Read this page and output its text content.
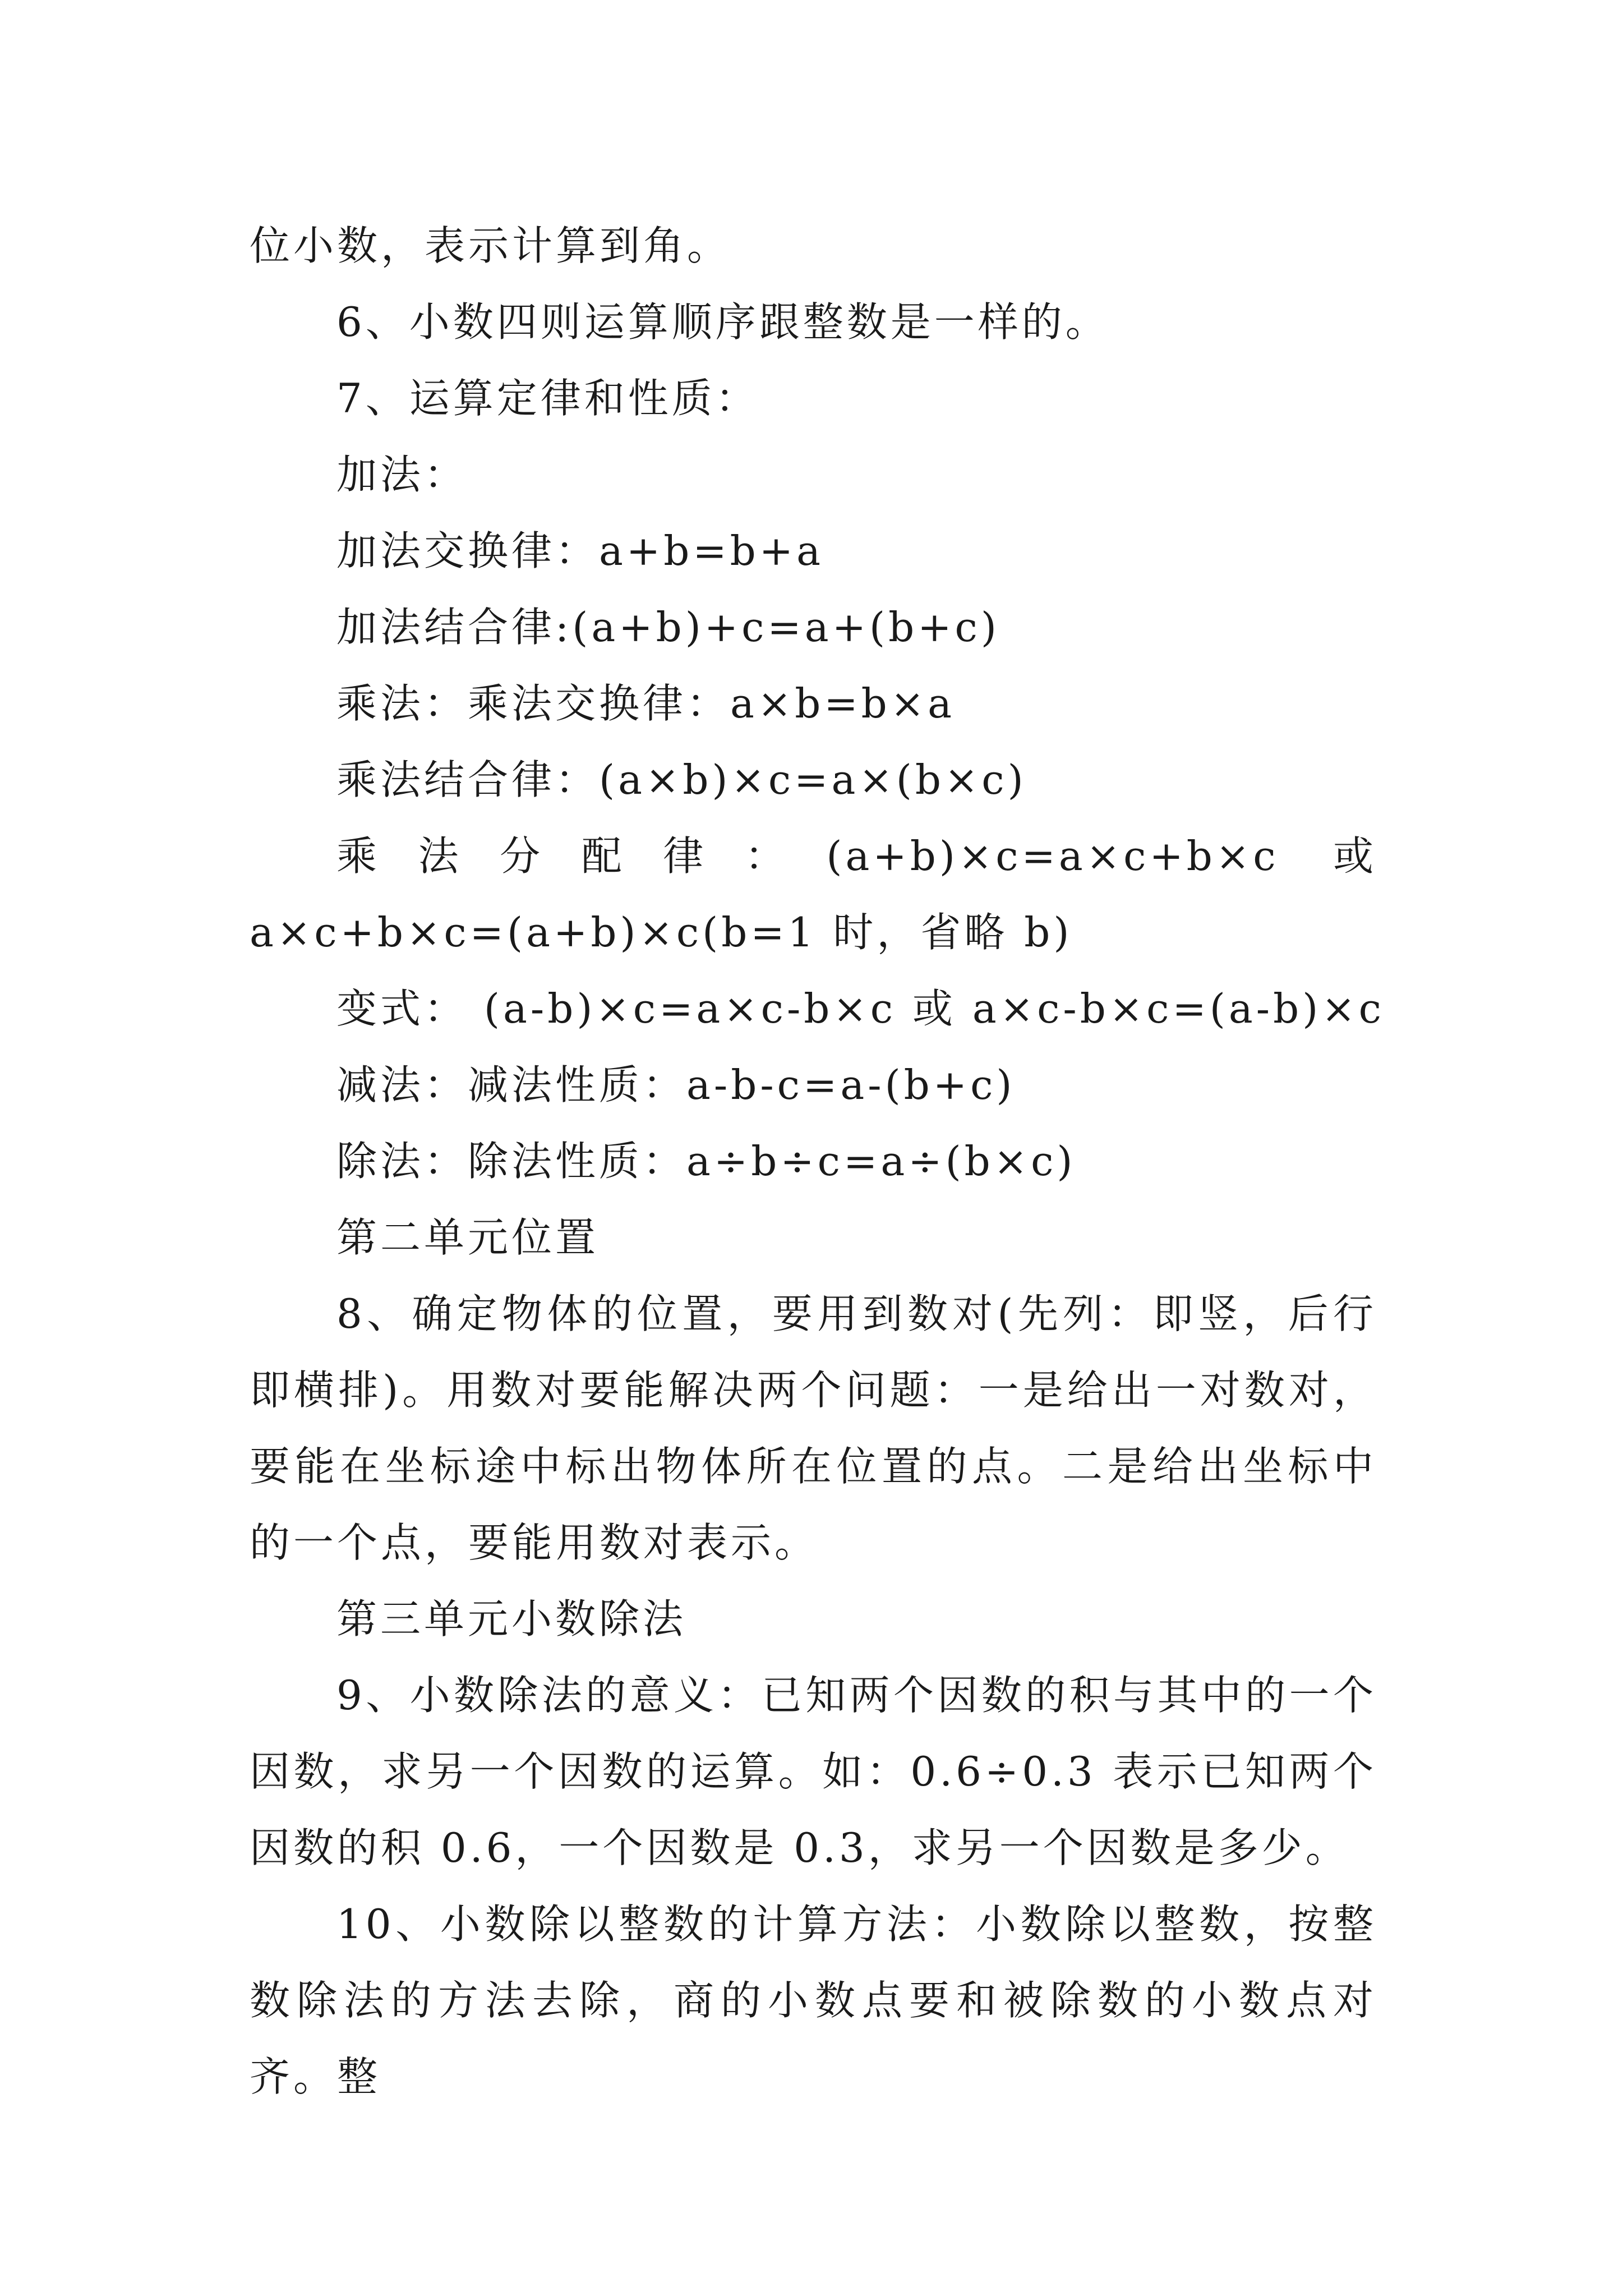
位小数，表示计算到角。
6、小数四则运算顺序跟整数是一样的。
7、运算定律和性质：
加法：
加法交换律：a+b=b+a
加法结合律:(a+b)+c=a+(b+c)
乘法：乘法交换律：a×b=b×a
乘法结合律：(a×b)×c=a×(b×c)
乘法分配律：(a+b)×c=a×c+b×c 或 a×c+b×c=(a+b)×c(b=1 时，省略 b)
变式： (a-b)×c=a×c-b×c 或 a×c-b×c=(a-b)×c
减法：减法性质：a-b-c=a-(b+c)
除法：除法性质：a÷b÷c=a÷(b×c)
第二单元位置
8、确定物体的位置，要用到数对(先列：即竖，后行即横排)。用数对要能解决两个问题：一是给出一对数对，要能在坐标途中标出物体所在位置的点。二是给出坐标中的一个点，要能用数对表示。
第三单元小数除法
9、小数除法的意义：已知两个因数的积与其中的一个因数，求另一个因数的运算。如：0.6÷0.3 表示已知两个因数的积 0.6，一个因数是 0.3，求另一个因数是多少。
10、小数除以整数的计算方法：小数除以整数，按整数除法的方法去除，商的小数点要和被除数的小数点对齐。整
